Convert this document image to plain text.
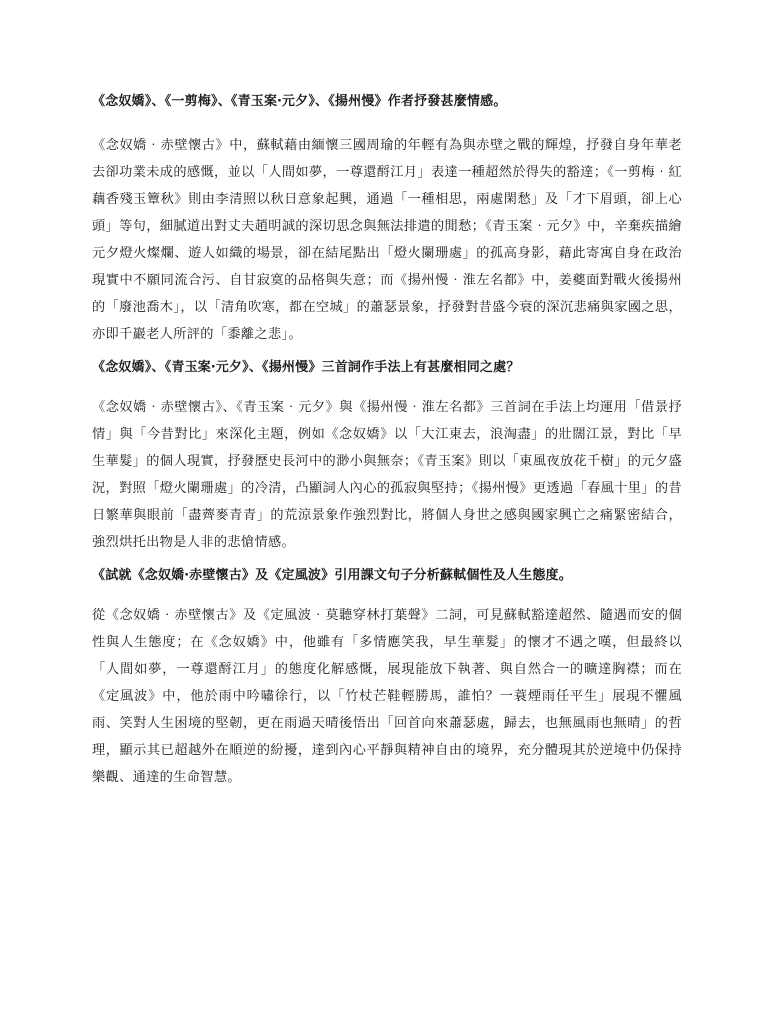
《念奴嬌》、《一剪梅》、《青玉案‧元夕》、《揚州慢》作者抒發甚麼情感。

《念奴嬌‧赤壁懷古》中，蘇軾藉由緬懷三國周瑜的年輕有為與赤壁之戰的輝煌，抒發自身年華老去卻功業未成的感慨，並以「人間如夢，一尊還酹江月」表達一種超然於得失的豁達；《一剪梅‧紅藕香殘玉簟秋》則由李清照以秋日意象起興，通過「一種相思，兩處閑愁」及「才下眉頭，卻上心頭」等句，細膩道出對丈夫趙明誠的深切思念與無法排遣的閒愁；《青玉案‧元夕》中，辛棄疾描繪元夕燈火燦爛、遊人如織的場景，卻在結尾點出「燈火闌珊處」的孤高身影，藉此寄寓自身在政治現實中不願同流合污、自甘寂寞的品格與失意；而《揚州慢‧淮左名都》中，姜夔面對戰火後揚州的「廢池喬木」，以「清角吹寒，都在空城」的蕭瑟景象，抒發對昔盛今衰的深沉悲痛與家國之思，亦即千巖老人所評的「黍離之悲」。

《念奴嬌》、《青玉案‧元夕》、《揚州慢》三首詞作手法上有甚麼相同之處？

《念奴嬌‧赤壁懷古》、《青玉案‧元夕》與《揚州慢‧淮左名都》三首詞在手法上均運用「借景抒情」與「今昔對比」來深化主題，例如《念奴嬌》以「大江東去，浪淘盡」的壯闊江景，對比「早生華髮」的個人現實，抒發歷史長河中的渺小與無奈；《青玉案》則以「東風夜放花千樹」的元夕盛況，對照「燈火闌珊處」的冷清，凸顯詞人內心的孤寂與堅持；《揚州慢》更透過「春風十里」的昔日繁華與眼前「盡薺麥青青」的荒涼景象作強烈對比，將個人身世之感與國家興亡之痛緊密結合，強烈烘托出物是人非的悲愴情感。

《試就《念奴嬌‧赤壁懷古》及《定風波》引用課文句子分析蘇軾個性及人生態度。

從《念奴嬌‧赤壁懷古》及《定風波‧莫聽穿林打葉聲》二詞，可見蘇軾豁達超然、隨遇而安的個性與人生態度；在《念奴嬌》中，他雖有「多情應笑我，早生華髮」的懷才不遇之嘆，但最終以「人間如夢，一尊還酹江月」的態度化解感慨，展現能放下執著、與自然合一的曠達胸襟；而在《定風波》中，他於雨中吟嘯徐行，以「竹杖芒鞋輕勝馬，誰怕？一蓑煙雨任平生」展現不懼風雨、笑對人生困境的堅韌，更在雨過天晴後悟出「回首向來蕭瑟處，歸去，也無風雨也無晴」的哲理，顯示其已超越外在順逆的紛擾，達到內心平靜與精神自由的境界，充分體現其於逆境中仍保持樂觀、通達的生命智慧。
